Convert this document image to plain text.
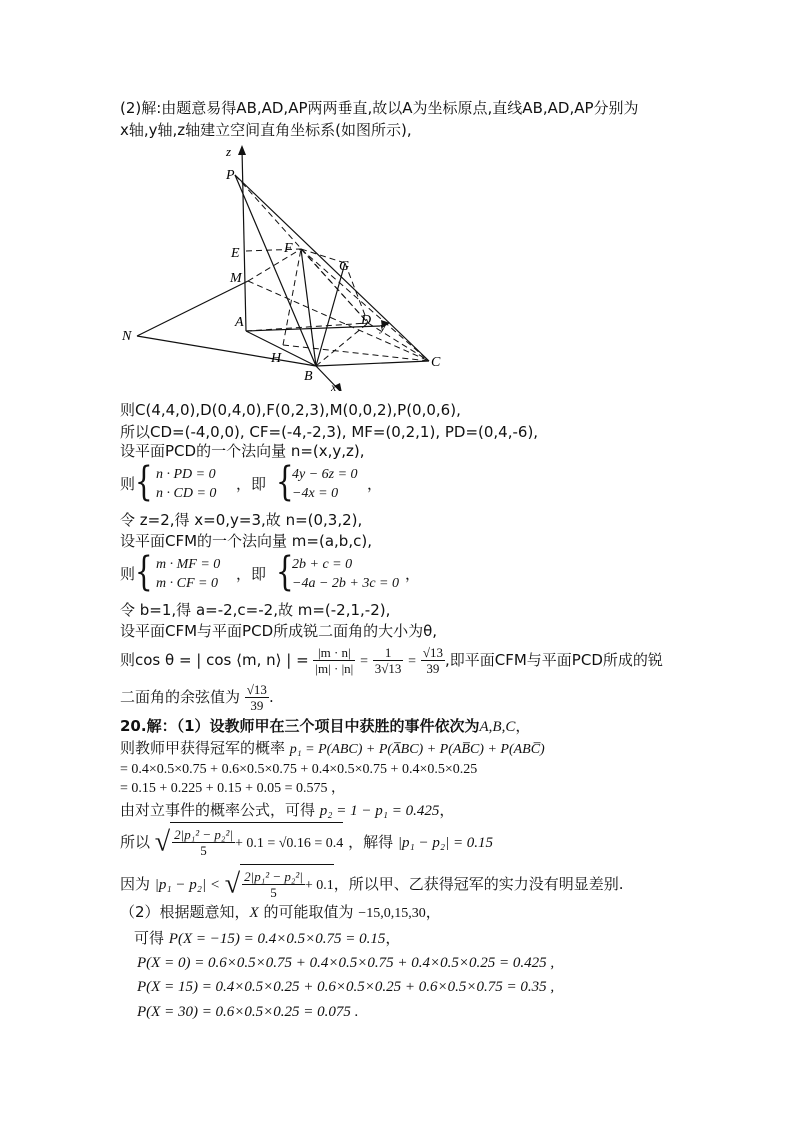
(2)解:由题意易得AB,AD,AP两两垂直,故以A为坐标原点,直线AB,AD,AP分别为
x轴,y轴,z轴建立空间直角坐标系(如图所示),
z
P
E	F
G
M
A
N
D y
H
B
C
x
则C(4,4,0),D(0,4,0),F(0,2,3),M(0,0,2),P(0,0,6),
所以CD=(-4,0,0), CF=(-4,-2,3), MF=(0,2,1), PD=(0,4,-6),
设平面PCD的一个法向量 n=(x,y,z),
则 { n · PD = 0
n · CD = 0
，即 {
4y − 6z = 0
−4x = 0
，
令 z=2,得 x=0,y=3,故 n=(0,3,2),
设平面CFM的一个法向量 m=(a,b,c),
则 { m · MF = 0
m · CF = 0
，即 {
2b + c = 0
−4a − 2b + 3c = 0
，
令 b=1,得 a=-2,c=-2,故 m=(-2,1,-2),
设平面CFM与平面PCD所成锐二面角的大小为θ,
则cos θ = | cos ⟨m, n⟩ | = $\frac{|m \cdot n|}{|m| \cdot |n|} = \frac{1}{3√13} = \frac{√13}{39}$ ,即平面CFM与平面PCD所成的锐
二面角的余弦值为 $\frac{√13}{39}$ .
20.解：（1）设教师甲在三个项目中获胜的事件依次为A,B,C，
则教师甲获得冠军的概率 p₁ = P(ABC) + P(A̅BC) + P(AB̅C) + P(ABC̅)
= 0.4×0.5×0.75 + 0.6×0.5×0.75 + 0.4×0.5×0.75 + 0.4×0.5×0.25
= 0.15 + 0.225 + 0.15 + 0.05 = 0.575 ，
由对立事件的概率公式，可得 p₂ = 1 − p₁ = 0.425，
所以 √ $\frac{\text{2|p₁² − p₂²|}}{5} + 0.1 = √0.16 = 0.4$ ，解得 |p₁ − p₂| = 0.15
因为 |p₁ − p₂| < √ $\frac{\text{2|p₁² − p₂²|}}{5} + 0.1$，所以甲、乙获得冠军的实力没有明显差别.
（2）根据题意知，X 的可能取值为 −15,0,15,30，
可得 P(X = −15) = 0.4×0.5×0.75 = 0.15，
P(X = 0) = 0.6×0.5×0.75 + 0.4×0.5×0.75 + 0.4×0.5×0.25 = 0.425 ,
P(X = 15) = 0.4×0.5×0.25 + 0.6×0.5×0.25 + 0.6×0.5×0.75 = 0.35 ,
P(X = 30) = 0.6×0.5×0.25 = 0.075 .
